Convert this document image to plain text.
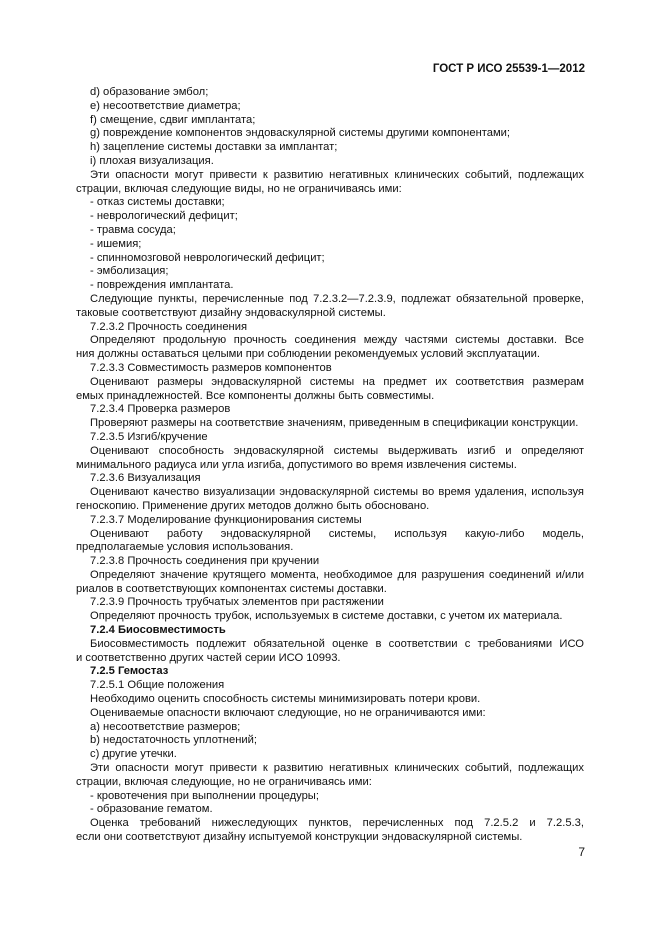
ГОСТ Р ИСО 25539-1—2012
d) образование эмбол;
e) несоответствие диаметра;
f) смещение, сдвиг имплантата;
g) повреждение компонентов эндоваскулярной системы другими компонентами;
h) зацепление системы доставки за имплантат;
i) плохая визуализация.
Эти опасности могут привести к развитию негативных клинических событий, подлежащих
страции, включая следующие виды, но не ограничиваясь ими:
- отказ системы доставки;
- неврологический дефицит;
- травма сосуда;
- ишемия;
- спинномозговой неврологический дефицит;
- эмболизация;
- повреждения имплантата.
Следующие пункты, перечисленные под 7.2.3.2—7.2.3.9, подлежат обязательной проверке,
таковые соответствуют дизайну эндоваскулярной системы.
7.2.3.2 Прочность соединения
Определяют продольную прочность соединения между частями системы доставки. Все
ния должны оставаться целыми при соблюдении рекомендуемых условий эксплуатации.
7.2.3.3 Совместимость размеров компонентов
Оценивают размеры эндоваскулярной системы на предмет их соответствия размерам
емых принадлежностей. Все компоненты должны быть совместимы.
7.2.3.4 Проверка размеров
Проверяют размеры на соответствие значениям, приведенным в спецификации конструкции.
7.2.3.5 Изгиб/кручение
Оценивают способность эндоваскулярной системы выдерживать изгиб и определяют
минимального радиуса или угла изгиба, допустимого во время извлечения системы.
7.2.3.6 Визуализация
Оценивают качество визуализации эндоваскулярной системы во время удаления, используя
геноскопию. Применение других методов должно быть обосновано.
7.2.3.7 Моделирование функционирования системы
Оценивают работу эндоваскулярной системы, используя какую-либо модель,
предполагаемые условия использования.
7.2.3.8 Прочность соединения при кручении
Определяют значение крутящего момента, необходимое для разрушения соединений и/или
риалов в соответствующих компонентах системы доставки.
7.2.3.9 Прочность трубчатых элементов при растяжении
Определяют прочность трубок, используемых в системе доставки, с учетом их материала.
7.2.4 Биосовместимость
Биосовместимость подлежит обязательной оценке в соответствии с требованиями ИСО
и соответственно других частей серии ИСО 10993.
7.2.5 Гемостаз
7.2.5.1 Общие положения
Необходимо оценить способность системы минимизировать потери крови.
Оцениваемые опасности включают следующие, но не ограничиваются ими:
a) несоответствие размеров;
b) недостаточность уплотнений;
c) другие утечки.
Эти опасности могут привести к развитию негативных клинических событий, подлежащих
страции, включая следующие, но не ограничиваясь ими:
- кровотечения при выполнении процедуры;
- образование гематом.
Оценка требований нижеследующих пунктов, перечисленных под 7.2.5.2 и 7.2.5.3,
если они соответствуют дизайну испытуемой конструкции эндоваскулярной системы.
7
